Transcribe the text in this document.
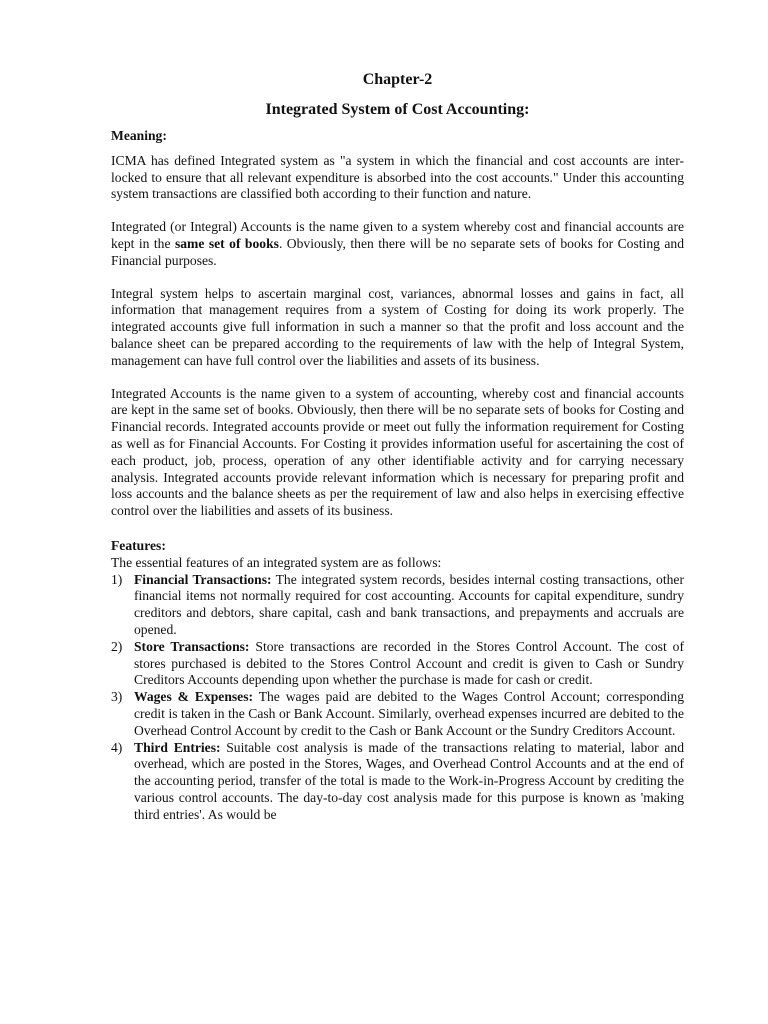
Chapter-2
Integrated System of Cost Accounting:
Meaning:

ICMA has defined Integrated system as "a system in which the financial and cost accounts are inter-locked to ensure that all relevant expenditure is absorbed into the cost accounts." Under this accounting system transactions are classified both according to their function and nature.

Integrated (or Integral) Accounts is the name given to a system whereby cost and financial accounts are kept in the same set of books. Obviously, then there will be no separate sets of books for Costing and Financial purposes.

Integral system helps to ascertain marginal cost, variances, abnormal losses and gains in fact, all information that management requires from a system of Costing for doing its work properly. The integrated accounts give full information in such a manner so that the profit and loss account and the balance sheet can be prepared according to the requirements of law with the help of Integral System, management can have full control over the liabilities and assets of its business.

Integrated Accounts is the name given to a system of accounting, whereby cost and financial accounts are kept in the same set of books. Obviously, then there will be no separate sets of books for Costing and Financial records. Integrated accounts provide or meet out fully the information requirement for Costing as well as for Financial Accounts. For Costing it provides information useful for ascertaining the cost of each product, job, process, operation of any other identifiable activity and for carrying necessary analysis. Integrated accounts provide relevant information which is necessary for preparing profit and loss accounts and the balance sheets as per the requirement of law and also helps in exercising effective control over the liabilities and assets of its business.

Features:

The essential features of an integrated system are as follows:

1) Financial Transactions: The integrated system records, besides internal costing transactions, other financial items not normally required for cost accounting. Accounts for capital expenditure, sundry creditors and debtors, share capital, cash and bank transactions, and prepayments and accruals are opened.
2) Store Transactions: Store transactions are recorded in the Stores Control Account. The cost of stores purchased is debited to the Stores Control Account and credit is given to Cash or Sundry Creditors Accounts depending upon whether the purchase is made for cash or credit.
3) Wages & Expenses: The wages paid are debited to the Wages Control Account; corresponding credit is taken in the Cash or Bank Account. Similarly, overhead expenses incurred are debited to the Overhead Control Account by credit to the Cash or Bank Account or the Sundry Creditors Account.
4) Third Entries: Suitable cost analysis is made of the transactions relating to material, labor and overhead, which are posted in the Stores, Wages, and Overhead Control Accounts and at the end of the accounting period, transfer of the total is made to the Work-in-Progress Account by crediting the various control accounts. The day-to-day cost analysis made for this purpose is known as 'making third entries'. As would be
